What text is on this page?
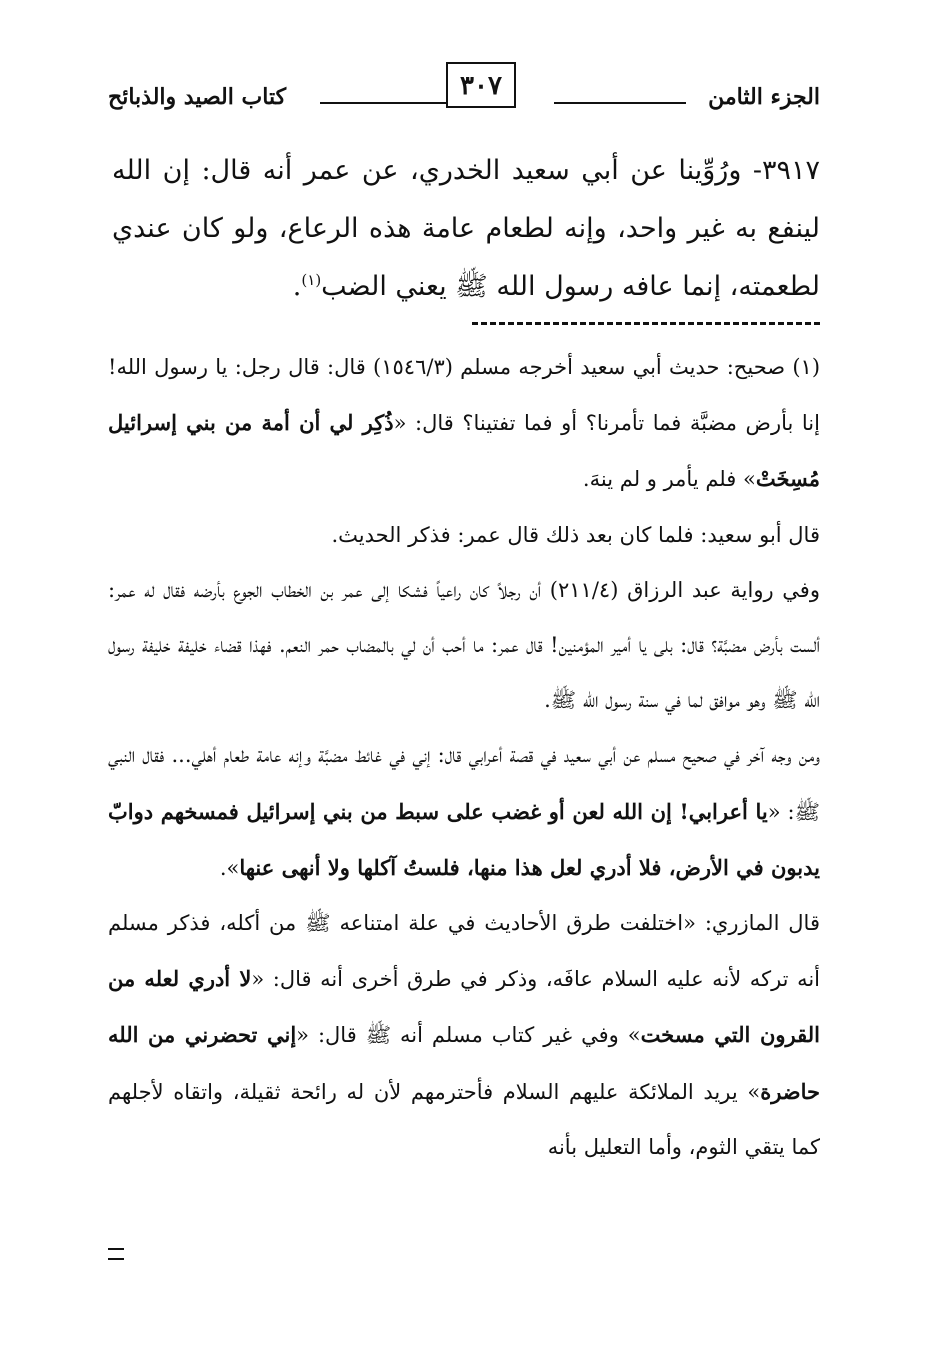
الجزء الثامن
٣٠٧
كتاب الصيد والذبائح

٣٩١٧- ورُوِّينا عن أبي سعيد الخدري، عن عمر أنه قال: إن الله لينفع به غير واحد، وإنه لطعام عامة هذه الرعاع، ولو كان عندي لطعمته، إنما عافه رسول الله ﷺ يعني الضب$^{(١)}$.

(١) صحيح: حديث أبي سعيد أخرجه مسلم (١٥٤٦/٣) قال: قال رجل: يا رسول الله! إنا بأرض مضبَّة فما تأمرنا؟ أو فما تفتينا؟ قال: «ذُكِر لي أن أمة من بني إسرائيل مُسِخَتْ» فلم يأمر و لم ينهَ.

قال أبو سعيد: فلما كان بعد ذلك قال عمر: فذكر الحديث.

وفي رواية عبد الرزاق (٢١١/٤) أن رجلاً كان راعياً فشكا إلى عمر بن الخطاب الجوع بأرضه فقال له عمر: ألست بأرض مضبَّة؟ قال: بلى يا أمير المؤمنين! قال عمر: ما أحب أن لي بالمضاب حمر النعم. فهذا قضاء خليفة خليفة رسول الله ﷺ وهو موافق لما في سنة رسول الله ﷺ.

ومن وجه آخر في صحيح مسلم عن أبي سعيد في قصة أعرابي قال: إني في غائط مضبَّة وإنه عامة طعام أهلي... فقال النبي ﷺ: «يا أعرابي! إن الله لعن أو غضب على سبط من بني إسرائيل فمسخهم دوابّ يدبون في الأرض، فلا أدري لعل هذا منها، فلستُ آكلها ولا أنهى عنها».

قال المازري: «اختلفت طرق الأحاديث في علة امتناعه ﷺ من أكله، فذكر مسلم أنه تركه لأنه عليه السلام عافَه، وذكر في طرق أخرى أنه قال: «لا أدري لعله من القرون التي مسخت» وفي غير كتاب مسلم أنه ﷺ قال: «إني تحضرني من الله حاضرة» يريد الملائكة عليهم السلام فأحترمهم لأن له رائحة ثقيلة، واتقاه لأجلهم كما يتقي الثوم، وأما التعليل بأنه
